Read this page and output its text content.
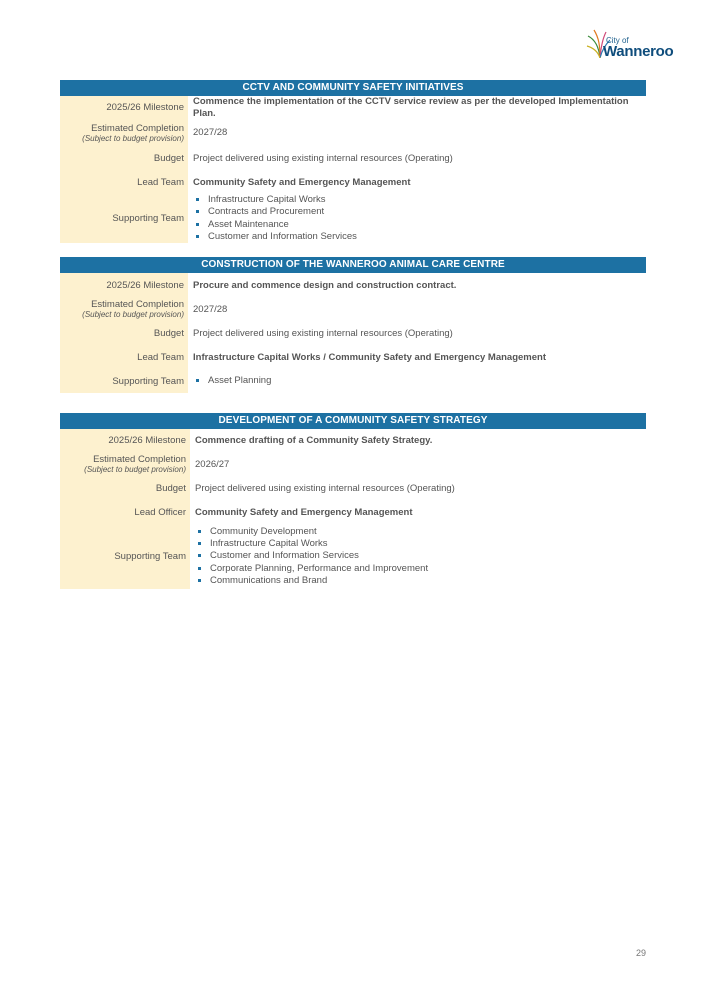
City of
Wanneroo
CCTV AND COMMUNITY SAFETY INITIATIVES
2025/26 Milestone
Commence the implementation of the CCTV service review as per the developed Implementation Plan.
Estimated Completion
(Subject to budget provision) 2027/28
Budget Project delivered using existing internal resources (Operating)
Lead Team Community Safety and Emergency Management
Supporting Team
Infrastructure Capital Works
Contracts and Procurement
Asset Maintenance
Customer and Information Services
CONSTRUCTION OF THE WANNEROO ANIMAL CARE CENTRE
2025/26 Milestone Procure and commence design and construction contract.
Estimated Completion
(Subject to budget provision) 2027/28
Budget Project delivered using existing internal resources (Operating)
Lead Team Infrastructure Capital Works / Community Safety and Emergency Management
Supporting Team	Asset Planning
DEVELOPMENT OF A COMMUNITY SAFETY STRATEGY
2025/26 Milestone Commence drafting of a Community Safety Strategy.
Estimated Completion
(Subject to budget provision) 2026/27
Budget Project delivered using existing internal resources (Operating)
Lead Officer Community Safety and Emergency Management
Supporting Team
Community Development
Infrastructure Capital Works
Customer and Information Services
Corporate Planning, Performance and Improvement
Communications and Brand
29
